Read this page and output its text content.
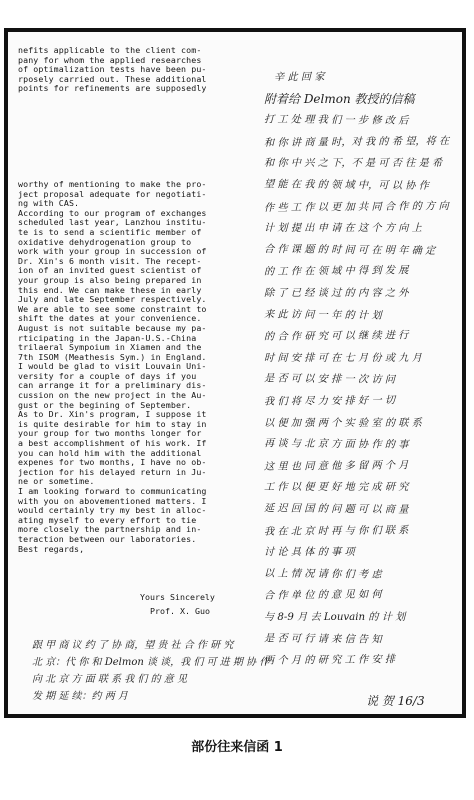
nefits applicable to the client com-
pany for whom the applied researches
of optimalization tests have been pu-
rposely carried out. These additional
points for refinements are supposedly
worthy of mentioning to make the pro-
ject proposal adequate for negotiati-
ng with CAS.
According to our program of exchanges
scheduled last year, Lanzhou institu-
te is to send a scientific member of
oxidative dehydrogenation group to
work with your group in succession of
Dr. Xin's 6 month visit. The recept-
ion of an invited guest scientist of
your group is also being prepared in
this end. We can make these in early
July and late September respectively.
We are able to see some constraint to
shift the dates at your convenience.
August is not suitable because my pa-
rticipating in the Japan-U.S.-China
trilaeral Sympoium in Xiamen and the
7th ISOM (Meathesis Sym.) in England.
I would be glad to visit Louvain Uni-
versity for a couple of days if you
can arrange it for a preliminary dis-
cussion on the new project in the Au-
gust or the begining of September.
As to Dr. Xin's program, I suppose it
is quite desirable for him to stay in
your group for two months longer for
a best accomplishment of his work. If
you can hold him with the additional
expenes for two months, I have no ob-
jection for his delayed return in Ju-
ne or sometime.
I am looking forward to communicating
with you on abovementioned matters. I
would certainly try my best in alloc-
ating myself to every effort to tie
more closely the partnership and in-
teraction between our laboratories.
Best regards,
Yours Sincerely
Prof. X. Guo
辛 此 回 家
附着给 Delmon 教授的信稿
打 工 处 理 我 们 一 步 修 改 后
和 你 讲 商 量 时，对 我 的 希 望，将 在
和 你 中 兴 之 下，不 是 可 否 往 是 希
望 能 在 我 的 领 域 中，可 以 协 作
作 些 工 作 以 更 加 共 同 合 作 的 方 向
计 划 提 出 申 请 在 这 个 方 向 上
合 作 课 题 的 时 间 可 在 明 年 确 定
的 工 作 在 领 域 中 得 到 发 展
除 了 已 经 谈 过 的 内 容 之 外
来 此 访 问 一 年 的 计 划
的 合 作 研 究 可 以 继 续 进 行
时 间 安 排 可 在 七 月 份 或 九 月
是 否 可 以 安 排 一 次 访 问
我 们 将 尽 力 安 排 好 一 切
以 便 加 强 两 个 实 验 室 的 联 系
再 谈 与 北 京 方 面 协 作 的 事
这 里 也 同 意 他 多 留 两 个 月
工 作 以 便 更 好 地 完 成 研 究
延 迟 回 国 的 问 题 可 以 商 量
我 在 北 京 时 再 与 你 们 联 系
讨 论 具 体 的 事 项
以 上 情 况 请 你 们 考 虑
合 作 单 位 的 意 见 如 何
与 8-9 月 去 Louvain 的 计 划
是 否 可 行 请 来 信 告 知
两 个 月 的 研 究 工 作 安 排
跟 甲 商 议 约 了 协 商，望 贵 社 合 作 研 究
北 京：代 你 和 Delmon 谈 谈，我 们 可 进 期 协 作
向 北 京 方 面 联 系 我 们 的 意 见
发 期 延 续：约 两 月	说 贺 16/3
部份往来信函 1
